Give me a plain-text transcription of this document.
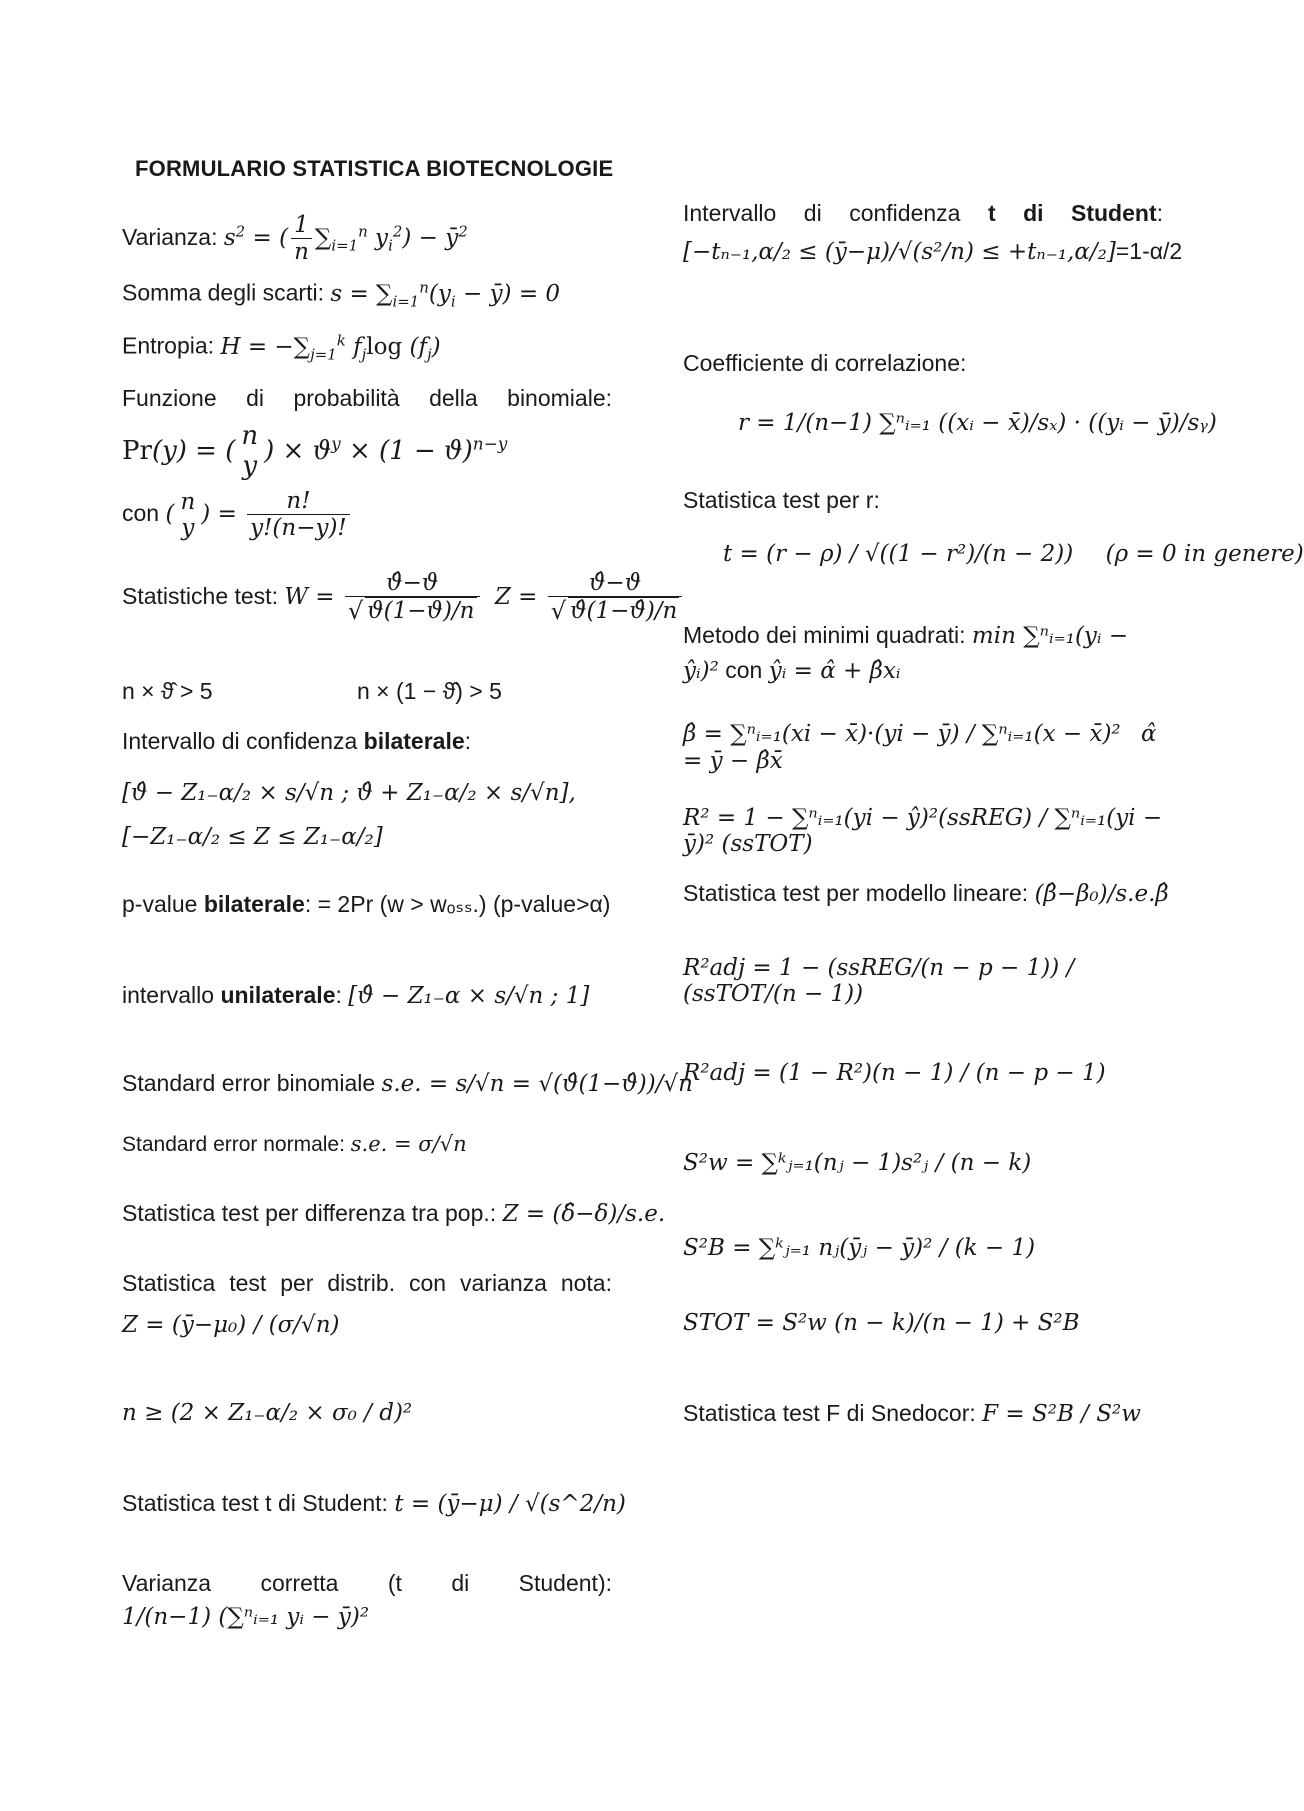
FORMULARIO STATISTICA BIOTECNOLOGIE
Varianza: $s^2$ = ( $\frac{1}{n} \sum_{i=1}^n$ $y_i^2$) − $ȳ^2$
Somma degli scarti: $s = \sum_{i=1}^n(y_i$ − ȳ) = 0
Entropia: $H = -\sum_{j=1}^k$ $f_j\log$ $(f_j)$
Funzione di probabilità della binomiale:
Pr(y) = ( n
y ) × $ϑ^y \times (1 - ϑ)^{n-y}$
con ( n
y
) = $\frac{n!}{y!(n-y)!}$
Statistiche test: $W = \frac{ϑ̂-ϑ}{√ ϑ(1-ϑ)/n}$ $Z = \frac{ϑ̂-ϑ}{√ ϑ̂(1-ϑ̂)/n}$
n × ϑ̂ > 5	n × (1 − ϑ̂) > 5
Intervallo di confidenza bilaterale:
[ϑ̂ − Z₁₋α/₂ × s/√n ; ϑ̂ + Z₁₋α/₂ × s/√n],
[−Z₁₋α/₂ ≤ Z ≤ Z₁₋α/₂]
p-value bilaterale: = 2Pr (w > wₒₛₛ.) (p-value>α)
intervallo unilaterale: [ϑ̂ − Z₁₋α × s/√n ; 1]
Standard error binomiale s.e. = s/√n = √(ϑ̂(1−ϑ̂))/√n
Standard error normale: s.e. = σ/√n
Statistica test per differenza tra pop.: Z = (δ̂−δ)/s.e.
Statistica test per distrib. con varianza nota:
Z = (ȳ−μ₀) / (σ/√n)
n ≥ (2 × Z₁₋α/₂ × σ₀ / d)²
Statistica test t di Student: t = (ȳ−μ) / √(s^2/n)
Varianza corretta (t di Student):
1/(n−1) (∑ⁿᵢ₌₁ yᵢ − ȳ)²
Intervallo di confidenza t di Student:
[−tₙ₋₁,α/₂ ≤ (ȳ−μ)/√(s²/n) ≤ +tₙ₋₁,α/₂]=1-α/2
Coefficiente di correlazione:
r = 1/(n−1) ∑ⁿᵢ₌₁ ((xᵢ − x̄)/sₓ) · ((yᵢ − ȳ)/sᵧ)
Statistica test per r:
t = (r − ρ) / √((1 − r²)/(n − 2)) (ρ = 0 in genere)
Metodo dei minimi quadrati: min ∑ⁿᵢ₌₁(yᵢ − ŷᵢ)² con ŷᵢ = α̂ + β̂xᵢ
β̂ = ∑ⁿᵢ₌₁(xi − x̄)·(yi − ȳ) / ∑ⁿᵢ₌₁(x − x̄)² α̂ = ȳ − β̂x̄
R² = 1 − ∑ⁿᵢ₌₁(yi − ŷ)²(ssREG) / ∑ⁿᵢ₌₁(yi − ȳ)² (ssTOT)
Statistica test per modello lineare: (β̂−β₀)/s.e.β̂
R²adj = 1 − (ssREG/(n − p − 1)) / (ssTOT/(n − 1))
R²adj = (1 − R²)(n − 1) / (n − p − 1)
S²w = ∑ᵏⱼ₌₁(nⱼ − 1)s²ⱼ / (n − k)
S²B = ∑ᵏⱼ₌₁ nⱼ(ȳⱼ − ȳ)² / (k − 1)
STOT = S²w (n − k)/(n − 1) + S²B
Statistica test F di Snedocor: F = S²B / S²w
